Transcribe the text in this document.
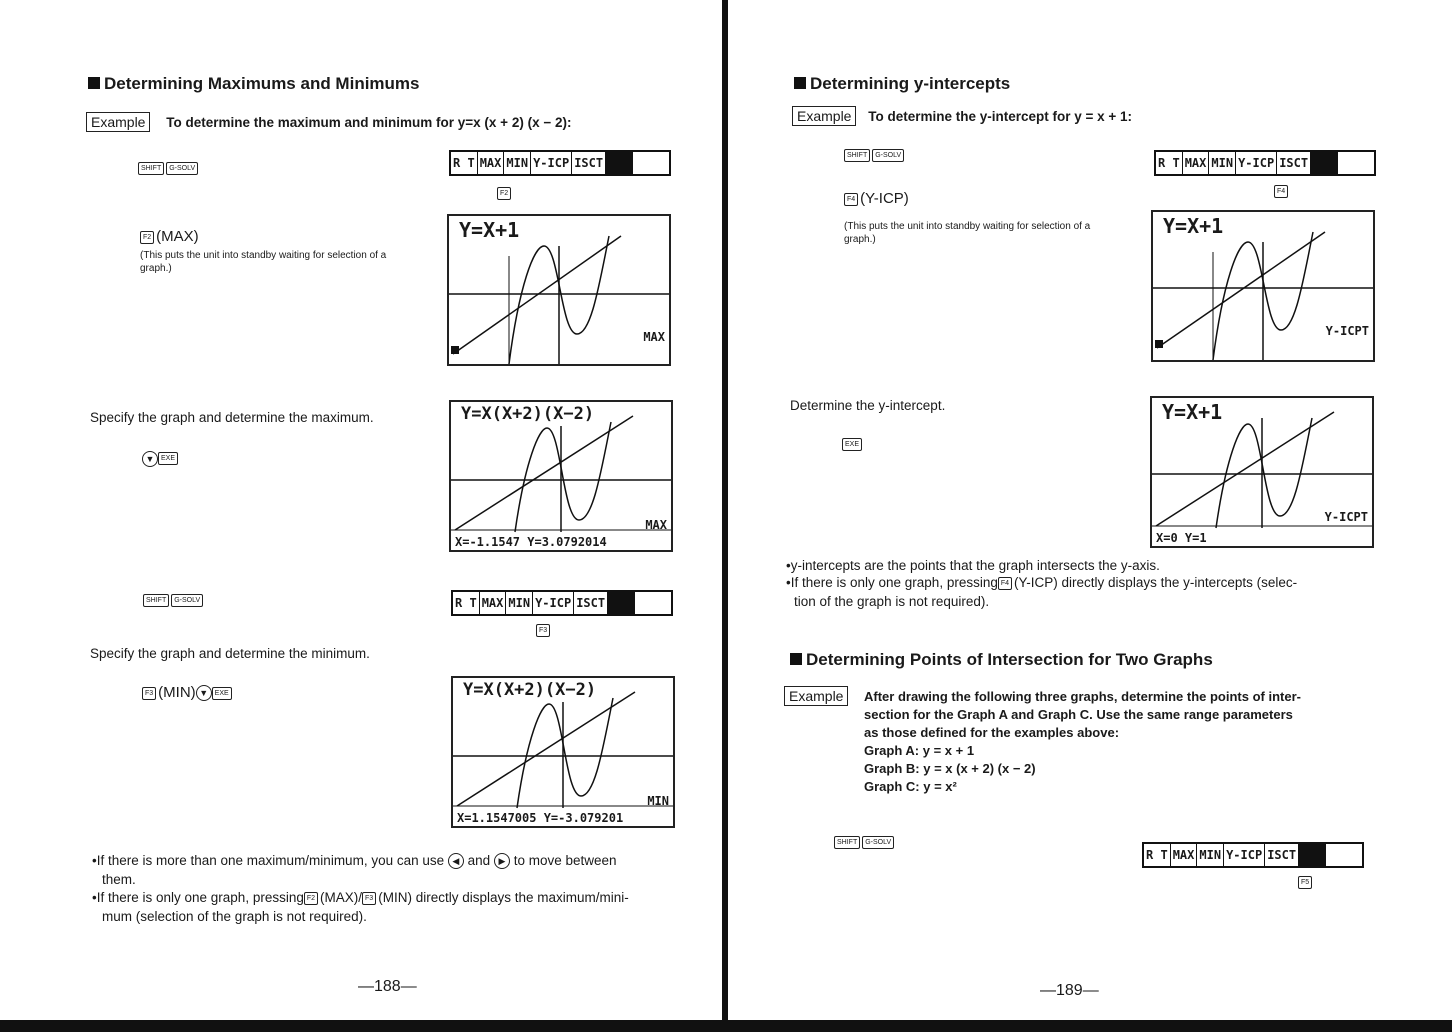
Determining Maximums and Minimums
Example To determine the maximum and minimum for y=x (x + 2) (x − 2):
SHIFT G-SOLV	R T MAX MIN Y-ICP ISCT
F2
F2 (MAX)
(This puts the unit into standby waiting for selection of a graph.)
Y=X+1
MAX
Specify the graph and determine the maximum.
▼ EXE
Y=X(X+2)(X−2)
MAX
X=-1.1547 Y=3.0792014
SHIFT G-SOLV	R T MAX MIN Y-ICP ISCT
F3
Specify the graph and determine the minimum.
F3 (MIN) ▼ EXE	Y=X(X+2)(X−2)
MIN
X=1.1547005 Y=-3.079201
•If there is more than one maximum/minimum, you can use ◀ and ▶ to move between
them.
•If there is only one graph, pressing F2 (MAX)/ F3 (MIN) directly displays the maximum/mini-
mum (selection of the graph is not required).
—188—
Determining y-intercepts
Example To determine the y-intercept for y = x + 1:
SHIFT G-SOLV
R T MAX MIN Y-ICP ISCT
F4
F4 (Y-ICP)
(This puts the unit into standby waiting for selection of a graph.)
Y=X+1
Y-ICPT
Determine the y-intercept.
EXE
Y=X+1
Y-ICPT
X=0 Y=1
•y-intercepts are the points that the graph intersects the y-axis.
•If there is only one graph, pressing F4 (Y-ICP) directly displays the y-intercepts (selec-
tion of the graph is not required).
Determining Points of Intersection for Two Graphs
Example	After drawing the following three graphs, determine the points of inter-
section for the Graph A and Graph C. Use the same range parameters
as those defined for the examples above:
Graph A: y = x + 1
Graph B: y = x (x + 2) (x − 2)
Graph C: y = x²
SHIFT G-SOLV
R T MAX MIN Y-ICP ISCT
F5
—189—
